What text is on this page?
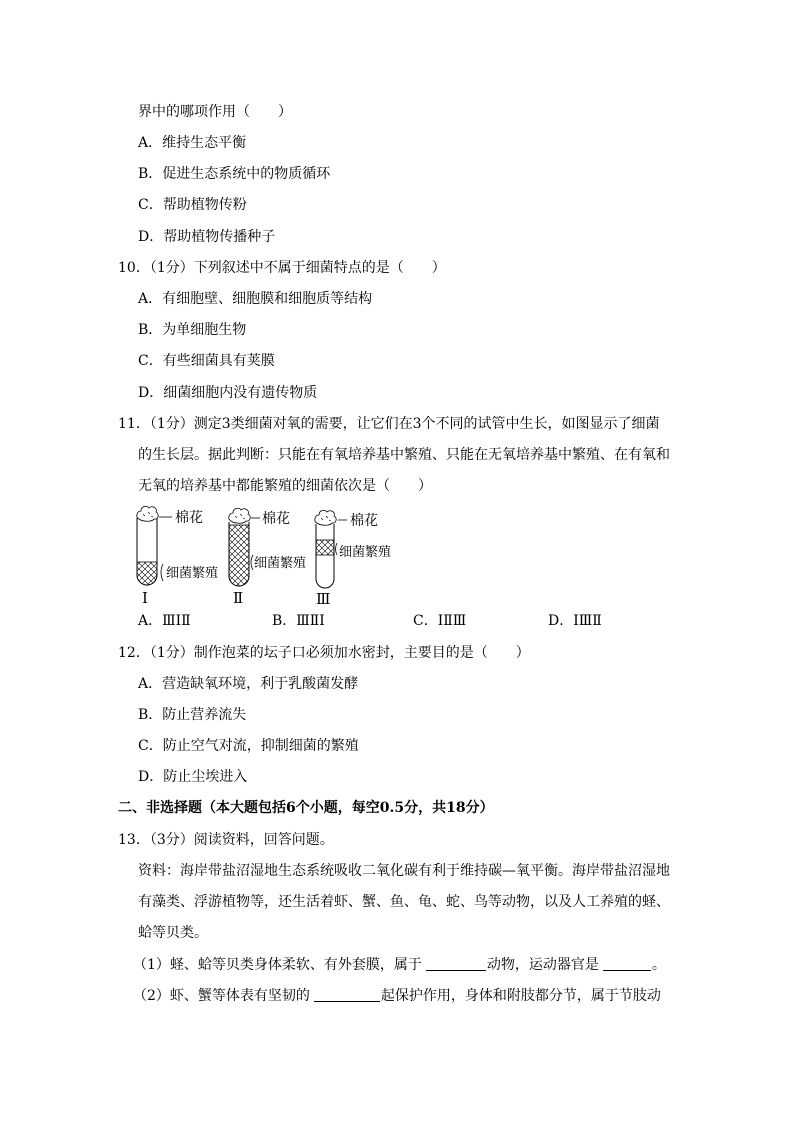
界中的哪项作用（　　）
A．维持生态平衡
B．促进生态系统中的物质循环
C．帮助植物传粉
D．帮助植物传播种子
10．（1分）下列叙述中不属于细菌特点的是（　　）
A．有细胞壁、细胞膜和细胞质等结构
B．为单细胞生物
C．有些细菌具有荚膜
D．细菌细胞内没有遗传物质
11．（1分）测定3类细菌对氧的需要，让它们在3个不同的试管中生长，如图显示了细菌
的生长层。据此判断：只能在有氧培养基中繁殖、只能在无氧培养基中繁殖、在有氧和
无氧的培养基中都能繁殖的细菌依次是（　　）
棉花
细菌繁殖
Ⅰ
棉花
细菌繁殖
Ⅱ
棉花
细菌繁殖
Ⅲ
A．ⅢⅠⅡ	B．ⅢⅡⅠ	C．ⅠⅡⅢ	D．ⅠⅢⅡ
12．（1分）制作泡菜的坛子口必须加水密封，主要目的是（　　）
A．营造缺氧环境，利于乳酸菌发酵
B．防止营养流失
C．防止空气对流，抑制细菌的繁殖
D．防止尘埃进入
二、非选择题（本大题包括6个小题，每空0.5分，共18分）
13．（3分）阅读资料，回答问题。
资料：海岸带盐沼湿地生态系统吸收二氧化碳有利于维持碳—氧平衡。海岸带盐沼湿地
有藻类、浮游植物等，还生活着虾、蟹、鱼、龟、蛇、鸟等动物，以及人工养殖的蛏、
蛤等贝类。
（1）蛏、蛤等贝类身体柔软、有外套膜，属于	动物，运动器官是	。
（2）虾、蟹等体表有坚韧的	起保护作用，身体和附肢都分节，属于节肢动
